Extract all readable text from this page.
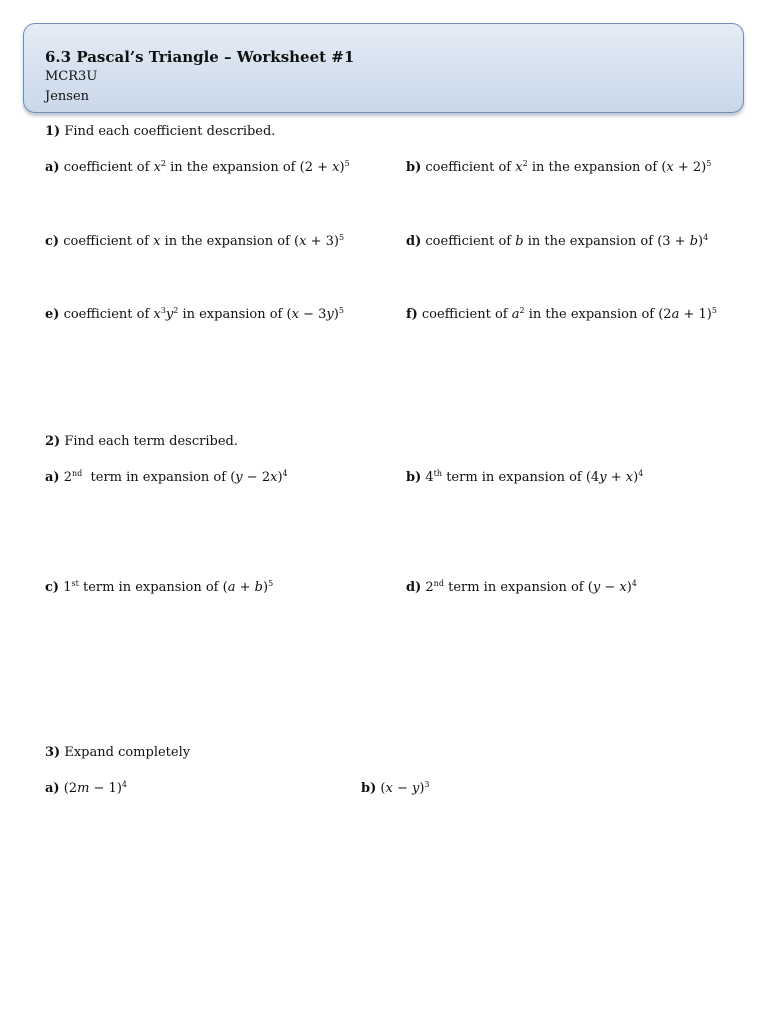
6.3 Pascal’s Triangle – Worksheet #1
MCR3U
Jensen
1) Find each coefficient described.
a) coefficient of $x^2$ in the expansion of $(2 + x)^5$	b) coefficient of $x^2$ in the expansion of $(x + 2)^5$
c) coefficient of x in the expansion of $(x + 3)^5$	d) coefficient of b in the expansion of $(3 + b)^4$
e) coefficient of $x^3y^2$ in expansion of $(x - 3y)^5$	f) coefficient of $a^2$ in the expansion of $(2a + 1)^5$
2) Find each term described.
a) 2nd term in expansion of $(y - 2x)^4$	b) 4th term in expansion of $(4y + x)^4$
c) 1st term in expansion of $(a + b)^5$	d) 2nd term in expansion of $(y - x)^4$
3) Expand completely
a) $(2m - 1)^4$	b) $(x - y)^3$
